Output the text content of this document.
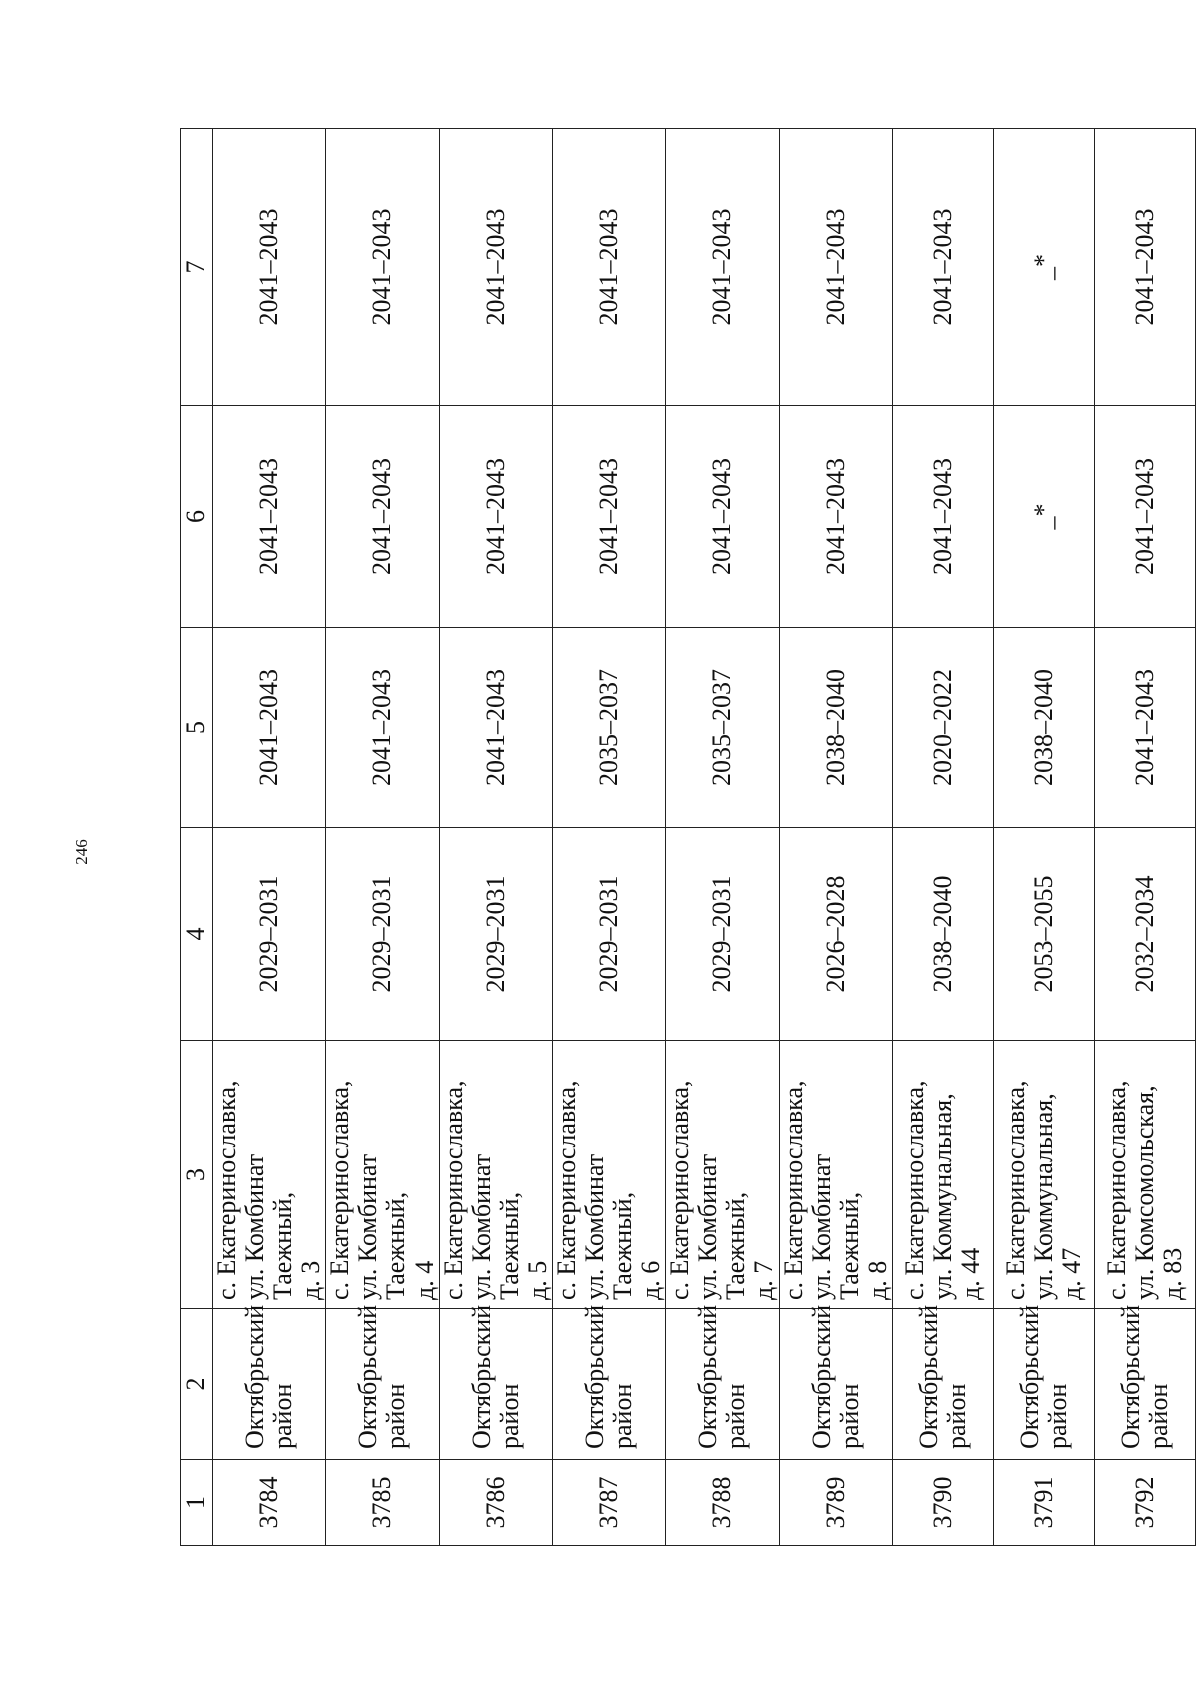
246
1	2	3	4	5	6	7
3784	Октябрьский район	с. Екатеринославка, ул. Комбинат Таежный, д. 3	2029–2031	2041–2043	2041–2043	2041–2043
3785	Октябрьский район	с. Екатеринославка, ул. Комбинат Таежный, д. 4	2029–2031	2041–2043	2041–2043	2041–2043
3786	Октябрьский район	с. Екатеринославка, ул. Комбинат Таежный, д. 5	2029–2031	2041–2043	2041–2043	2041–2043
3787	Октябрьский район	с. Екатеринославка, ул. Комбинат Таежный, д. 6	2029–2031	2035–2037	2041–2043	2041–2043
3788	Октябрьский район	с. Екатеринославка, ул. Комбинат Таежный, д. 7	2029–2031	2035–2037	2041–2043	2041–2043
3789	Октябрьский район	с. Екатеринославка, ул. Комбинат Таежный, д. 8	2026–2028	2038–2040	2041–2043	2041–2043
3790	Октябрьский район	с. Екатеринославка, ул. Коммунальная, д. 44	2038–2040	2020–2022	2041–2043	2041–2043
3791	Октябрьский район	с. Екатеринославка, ул. Коммунальная, д. 47	2053–2055	2038–2040	_*	_*
3792	Октябрьский район	с. Екатеринославка, ул. Комсомольская, д. 83	2032–2034	2041–2043	2041–2043	2041–2043
